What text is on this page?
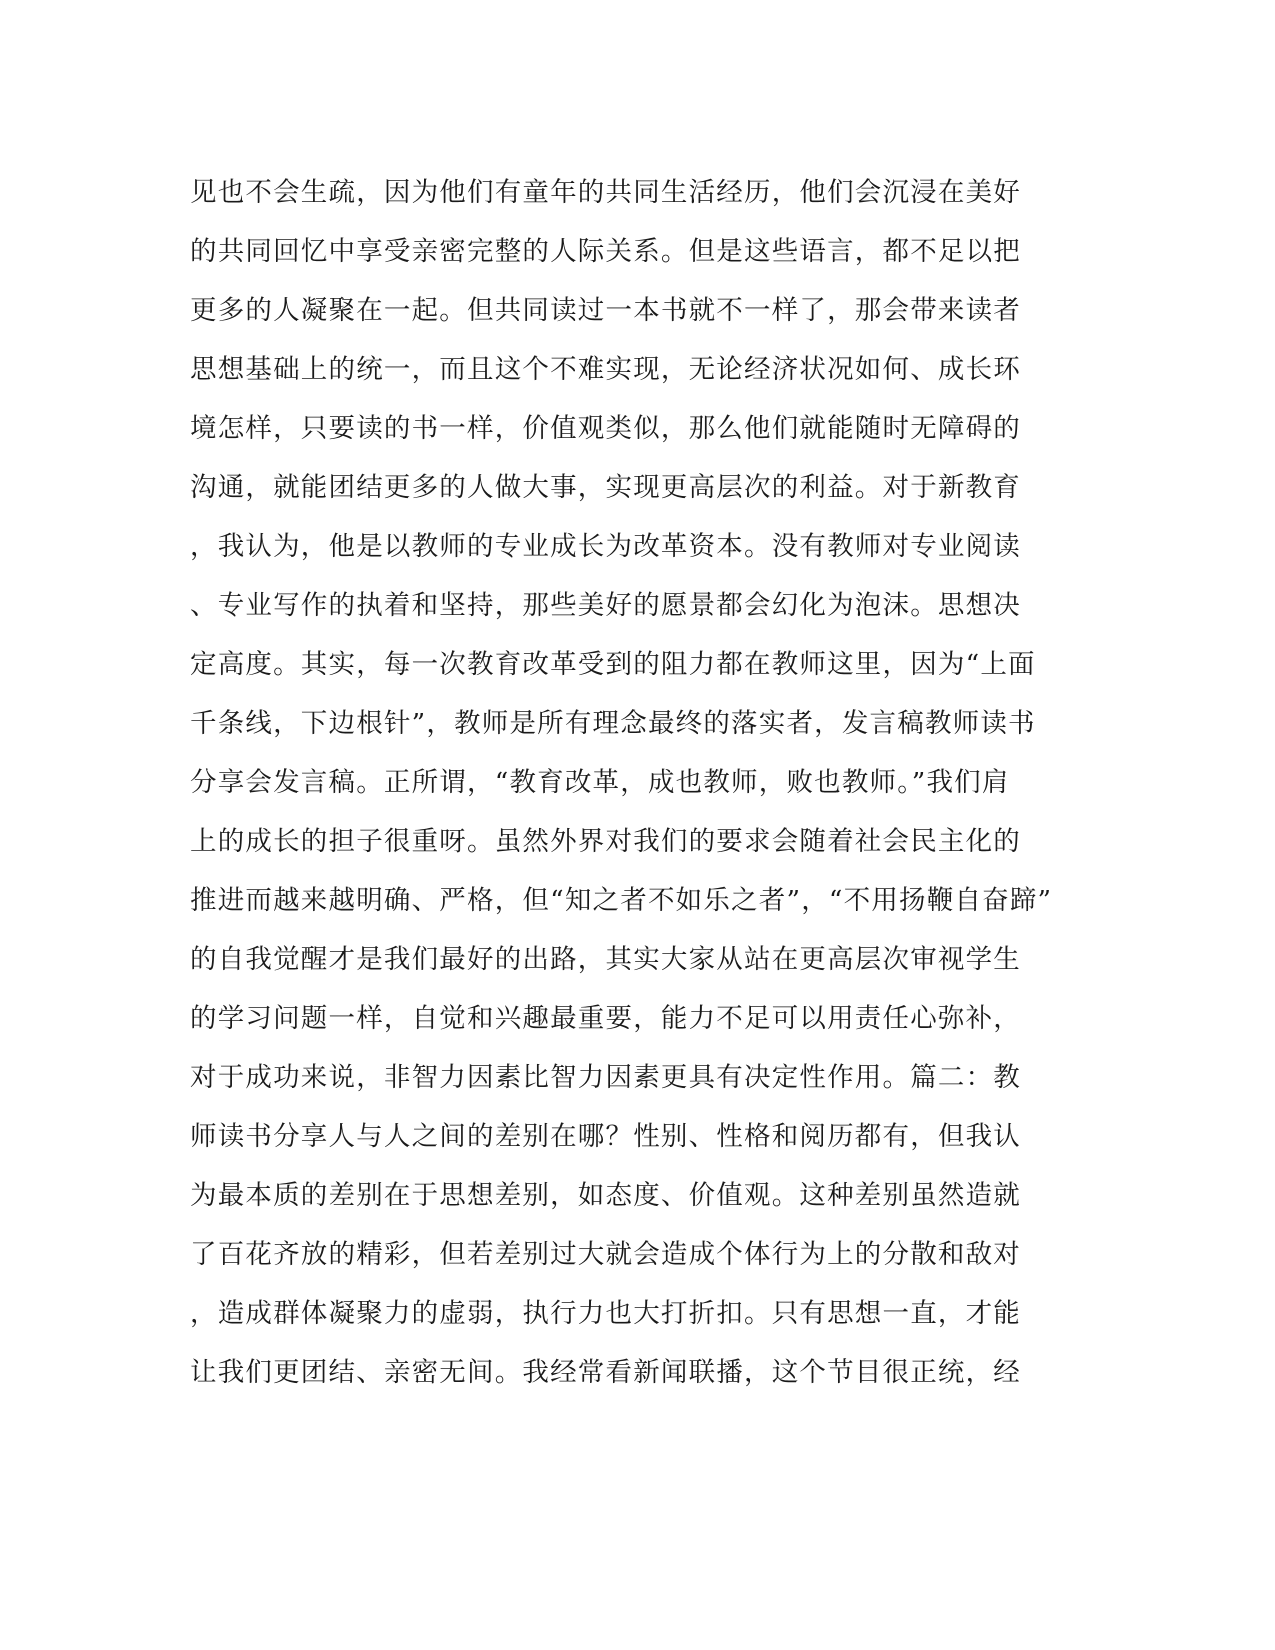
见也不会生疏，因为他们有童年的共同生活经历，他们会沉浸在美好
的共同回忆中享受亲密完整的人际关系。但是这些语言，都不足以把
更多的人凝聚在一起。但共同读过一本书就不一样了，那会带来读者
思想基础上的统一，而且这个不难实现，无论经济状况如何、成长环
境怎样，只要读的书一样，价值观类似，那么他们就能随时无障碍的
沟通，就能团结更多的人做大事，实现更高层次的利益。对于新教育
，我认为，他是以教师的专业成长为改革资本。没有教师对专业阅读
、专业写作的执着和坚持，那些美好的愿景都会幻化为泡沫。思想决
定高度。其实，每一次教育改革受到的阻力都在教师这里，因为“上面
千条线，下边根针”，教师是所有理念最终的落实者，发言稿教师读书
分享会发言稿。正所谓，“教育改革，成也教师，败也教师。”我们肩
上的成长的担子很重呀。虽然外界对我们的要求会随着社会民主化的
推进而越来越明确、严格，但“知之者不如乐之者”，“不用扬鞭自奋蹄”
的自我觉醒才是我们最好的出路，其实大家从站在更高层次审视学生
的学习问题一样，自觉和兴趣最重要，能力不足可以用责任心弥补，
对于成功来说，非智力因素比智力因素更具有决定性作用。篇二：教
师读书分享人与人之间的差别在哪？性别、性格和阅历都有，但我认
为最本质的差别在于思想差别，如态度、价值观。这种差别虽然造就
了百花齐放的精彩，但若差别过大就会造成个体行为上的分散和敌对
，造成群体凝聚力的虚弱，执行力也大打折扣。只有思想一直，才能
让我们更团结、亲密无间。我经常看新闻联播，这个节目很正统，经
